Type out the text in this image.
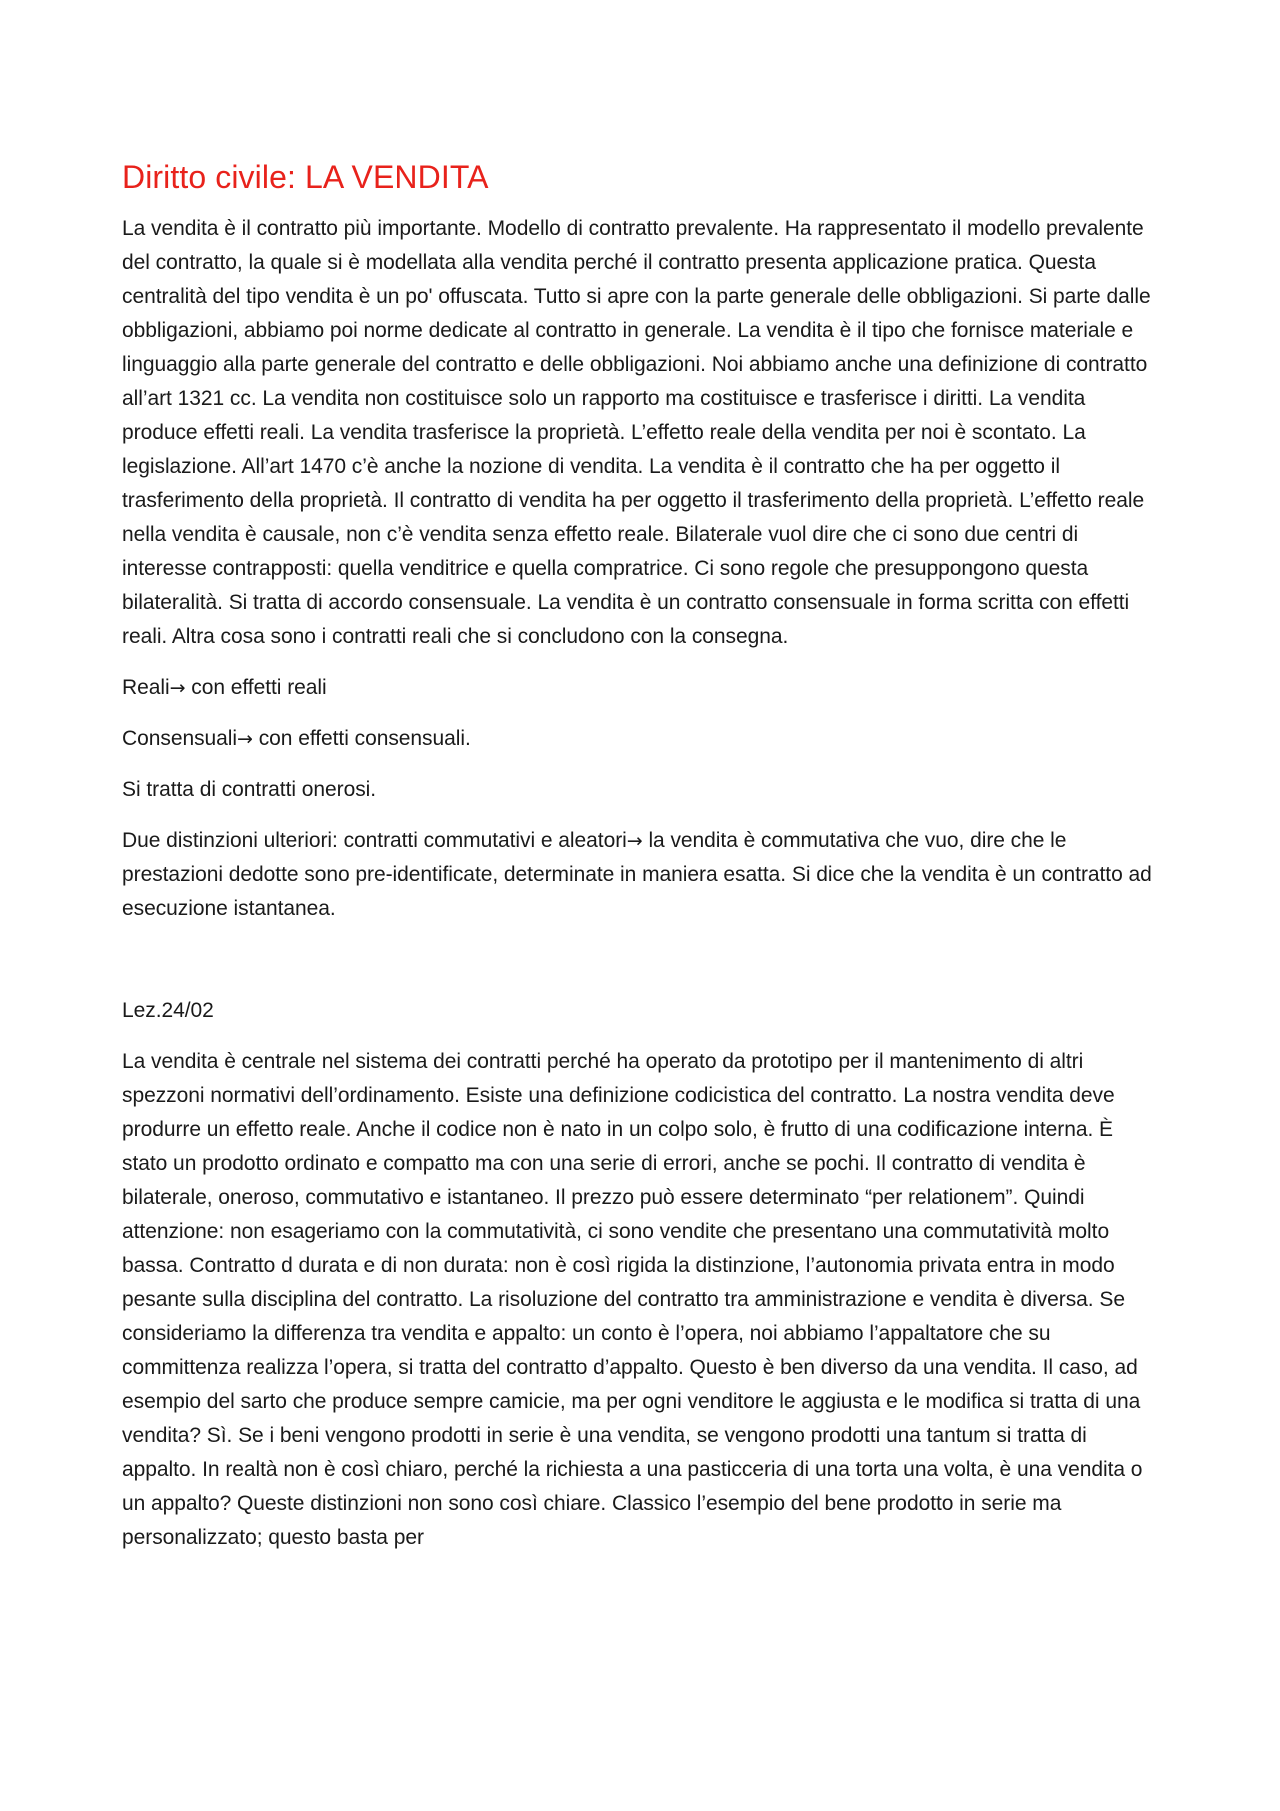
Diritto civile: LA VENDITA

La vendita è il contratto più importante. Modello di contratto prevalente. Ha rappresentato il modello prevalente del contratto, la quale si è modellata alla vendita perché il contratto presenta applicazione pratica. Questa centralità del tipo vendita è un po' offuscata. Tutto si apre con la parte generale delle obbligazioni. Si parte dalle obbligazioni, abbiamo poi norme dedicate al contratto in generale. La vendita è il tipo che fornisce materiale e linguaggio alla parte generale del contratto e delle obbligazioni. Noi abbiamo anche una definizione di contratto all’art 1321 cc. La vendita non costituisce solo un rapporto ma costituisce e trasferisce i diritti. La vendita produce effetti reali. La vendita trasferisce la proprietà. L’effetto reale della vendita per noi è scontato. La legislazione. All’art 1470 c’è anche la nozione di vendita. La vendita è il contratto che ha per oggetto il trasferimento della proprietà. Il contratto di vendita ha per oggetto il trasferimento della proprietà. L’effetto reale nella vendita è causale, non c’è vendita senza effetto reale. Bilaterale vuol dire che ci sono due centri di interesse contrapposti: quella venditrice e quella compratrice. Ci sono regole che presuppongono questa bilateralità. Si tratta di accordo consensuale. La vendita è un contratto consensuale in forma scritta con effetti reali. Altra cosa sono i contratti reali che si concludono con la consegna.

Reali→ con effetti reali

Consensuali→ con effetti consensuali.

Si tratta di contratti onerosi.

Due distinzioni ulteriori: contratti commutativi e aleatori→ la vendita è commutativa che vuo, dire che le prestazioni dedotte sono pre-identificate, determinate in maniera esatta. Si dice che la vendita è un contratto ad esecuzione istantanea.

Lez.24/02

La vendita è centrale nel sistema dei contratti perché ha operato da prototipo per il mantenimento di altri spezzoni normativi dell’ordinamento. Esiste una definizione codicistica del contratto. La nostra vendita deve produrre un effetto reale. Anche il codice non è nato in un colpo solo, è frutto di una codificazione interna. È stato un prodotto ordinato e compatto ma con una serie di errori, anche se pochi. Il contratto di vendita è bilaterale, oneroso, commutativo e istantaneo. Il prezzo può essere determinato “per relationem”. Quindi attenzione: non esageriamo con la commutatività, ci sono vendite che presentano una commutatività molto bassa. Contratto d durata e di non durata: non è così rigida la distinzione, l’autonomia privata entra in modo pesante sulla disciplina del contratto. La risoluzione del contratto tra amministrazione e vendita è diversa. Se consideriamo la differenza tra vendita e appalto: un conto è l’opera, noi abbiamo l’appaltatore che su committenza realizza l’opera, si tratta del contratto d’appalto. Questo è ben diverso da una vendita. Il caso, ad esempio del sarto che produce sempre camicie, ma per ogni venditore le aggiusta e le modifica si tratta di una vendita? Sì. Se i beni vengono prodotti in serie è una vendita, se vengono prodotti una tantum si tratta di appalto. In realtà non è così chiaro, perché la richiesta a una pasticceria di una torta una volta, è una vendita o un appalto? Queste distinzioni non sono così chiare. Classico l’esempio del bene prodotto in serie ma personalizzato; questo basta per
